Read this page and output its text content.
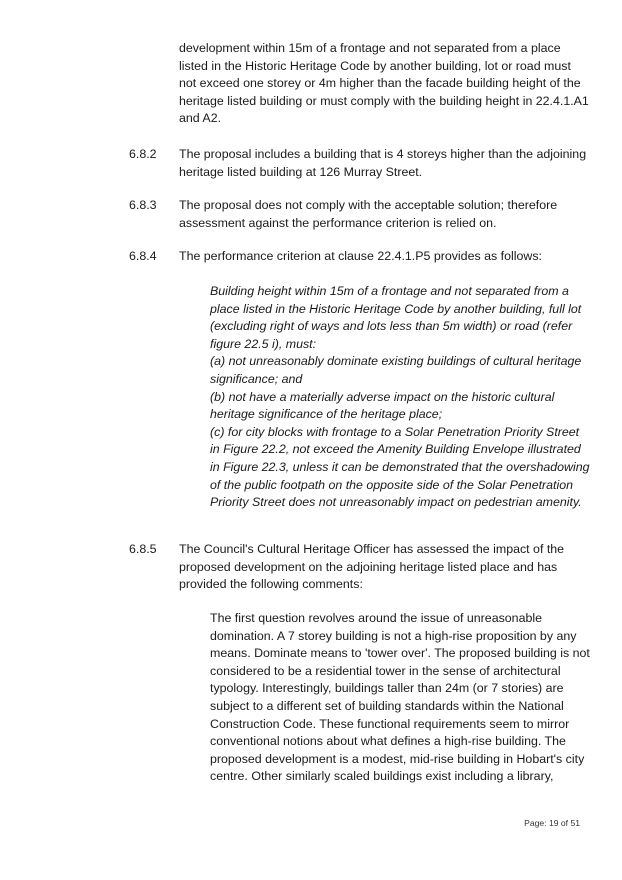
development within 15m of a frontage and not separated from a place listed in the Historic Heritage Code by another building, lot or road must not exceed one storey or 4m higher than the facade building height of the heritage listed building or must comply with the building height in 22.4.1.A1 and A2.

6.8.2 The proposal includes a building that is 4 storeys higher than the adjoining heritage listed building at 126 Murray Street.

6.8.3 The proposal does not comply with the acceptable solution; therefore assessment against the performance criterion is relied on.

6.8.4 The performance criterion at clause 22.4.1.P5 provides as follows:

Building height within 15m of a frontage and not separated from a place listed in the Historic Heritage Code by another building, full lot (excluding right of ways and lots less than 5m width) or road (refer figure 22.5 i), must:

(a) not unreasonably dominate existing buildings of cultural heritage significance; and

(b) not have a materially adverse impact on the historic cultural heritage significance of the heritage place;

(c) for city blocks with frontage to a Solar Penetration Priority Street in Figure 22.2, not exceed the Amenity Building Envelope illustrated in Figure 22.3, unless it can be demonstrated that the overshadowing of the public footpath on the opposite side of the Solar Penetration Priority Street does not unreasonably impact on pedestrian amenity.

6.8.5 The Council's Cultural Heritage Officer has assessed the impact of the proposed development on the adjoining heritage listed place and has provided the following comments:

The first question revolves around the issue of unreasonable domination. A 7 storey building is not a high-rise proposition by any means. Dominate means to 'tower over'. The proposed building is not considered to be a residential tower in the sense of architectural typology. Interestingly, buildings taller than 24m (or 7 stories) are subject to a different set of building standards within the National Construction Code. These functional requirements seem to mirror conventional notions about what defines a high-rise building. The proposed development is a modest, mid-rise building in Hobart's city centre. Other similarly scaled buildings exist including a library,

Page: 19 of 51
